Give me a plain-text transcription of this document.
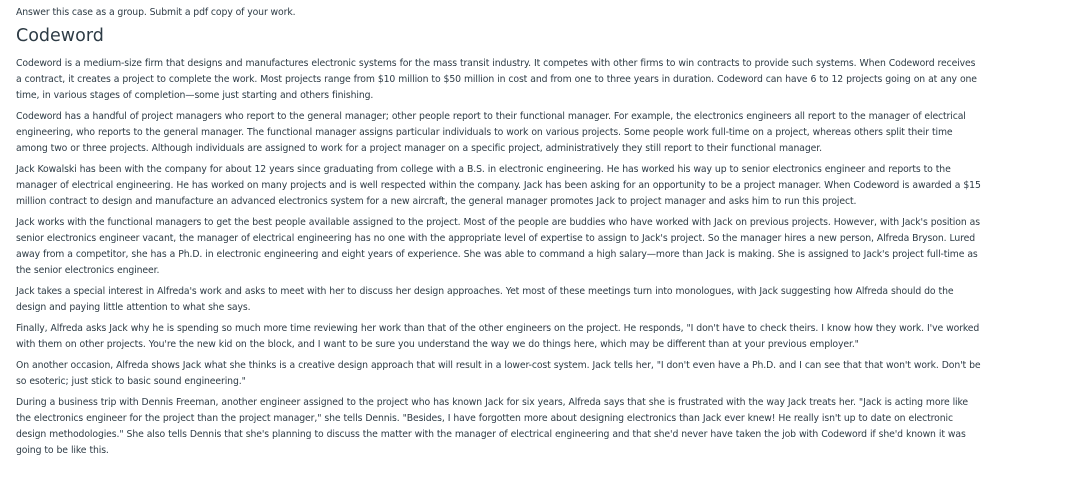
Answer this case as a group. Submit a pdf copy of your work.

Codeword

Codeword is a medium-size firm that designs and manufactures electronic systems for the mass transit industry. It competes with other firms to win contracts to provide such systems. When Codeword receives a contract, it creates a project to complete the work. Most projects range from $10 million to $50 million in cost and from one to three years in duration. Codeword can have 6 to 12 projects going on at any one time, in various stages of completion—some just starting and others finishing.

Codeword has a handful of project managers who report to the general manager; other people report to their functional manager. For example, the electronics engineers all report to the manager of electrical engineering, who reports to the general manager. The functional manager assigns particular individuals to work on various projects. Some people work full-time on a project, whereas others split their time among two or three projects. Although individuals are assigned to work for a project manager on a specific project, administratively they still report to their functional manager.

Jack Kowalski has been with the company for about 12 years since graduating from college with a B.S. in electronic engineering. He has worked his way up to senior electronics engineer and reports to the manager of electrical engineering. He has worked on many projects and is well respected within the company. Jack has been asking for an opportunity to be a project manager. When Codeword is awarded a $15 million contract to design and manufacture an advanced electronics system for a new aircraft, the general manager promotes Jack to project manager and asks him to run this project.

Jack works with the functional managers to get the best people available assigned to the project. Most of the people are buddies who have worked with Jack on previous projects. However, with Jack's position as senior electronics engineer vacant, the manager of electrical engineering has no one with the appropriate level of expertise to assign to Jack's project. So the manager hires a new person, Alfreda Bryson. Lured away from a competitor, she has a Ph.D. in electronic engineering and eight years of experience. She was able to command a high salary—more than Jack is making. She is assigned to Jack's project full-time as the senior electronics engineer.

Jack takes a special interest in Alfreda's work and asks to meet with her to discuss her design approaches. Yet most of these meetings turn into monologues, with Jack suggesting how Alfreda should do the design and paying little attention to what she says.

Finally, Alfreda asks Jack why he is spending so much more time reviewing her work than that of the other engineers on the project. He responds, "I don't have to check theirs. I know how they work. I've worked with them on other projects. You're the new kid on the block, and I want to be sure you understand the way we do things here, which may be different than at your previous employer."

On another occasion, Alfreda shows Jack what she thinks is a creative design approach that will result in a lower-cost system. Jack tells her, "I don't even have a Ph.D. and I can see that that won't work. Don't be so esoteric; just stick to basic sound engineering."

During a business trip with Dennis Freeman, another engineer assigned to the project who has known Jack for six years, Alfreda says that she is frustrated with the way Jack treats her. "Jack is acting more like the electronics engineer for the project than the project manager," she tells Dennis. "Besides, I have forgotten more about designing electronics than Jack ever knew! He really isn't up to date on electronic design methodologies." She also tells Dennis that she's planning to discuss the matter with the manager of electrical engineering and that she'd never have taken the job with Codeword if she'd known it was going to be like this.
